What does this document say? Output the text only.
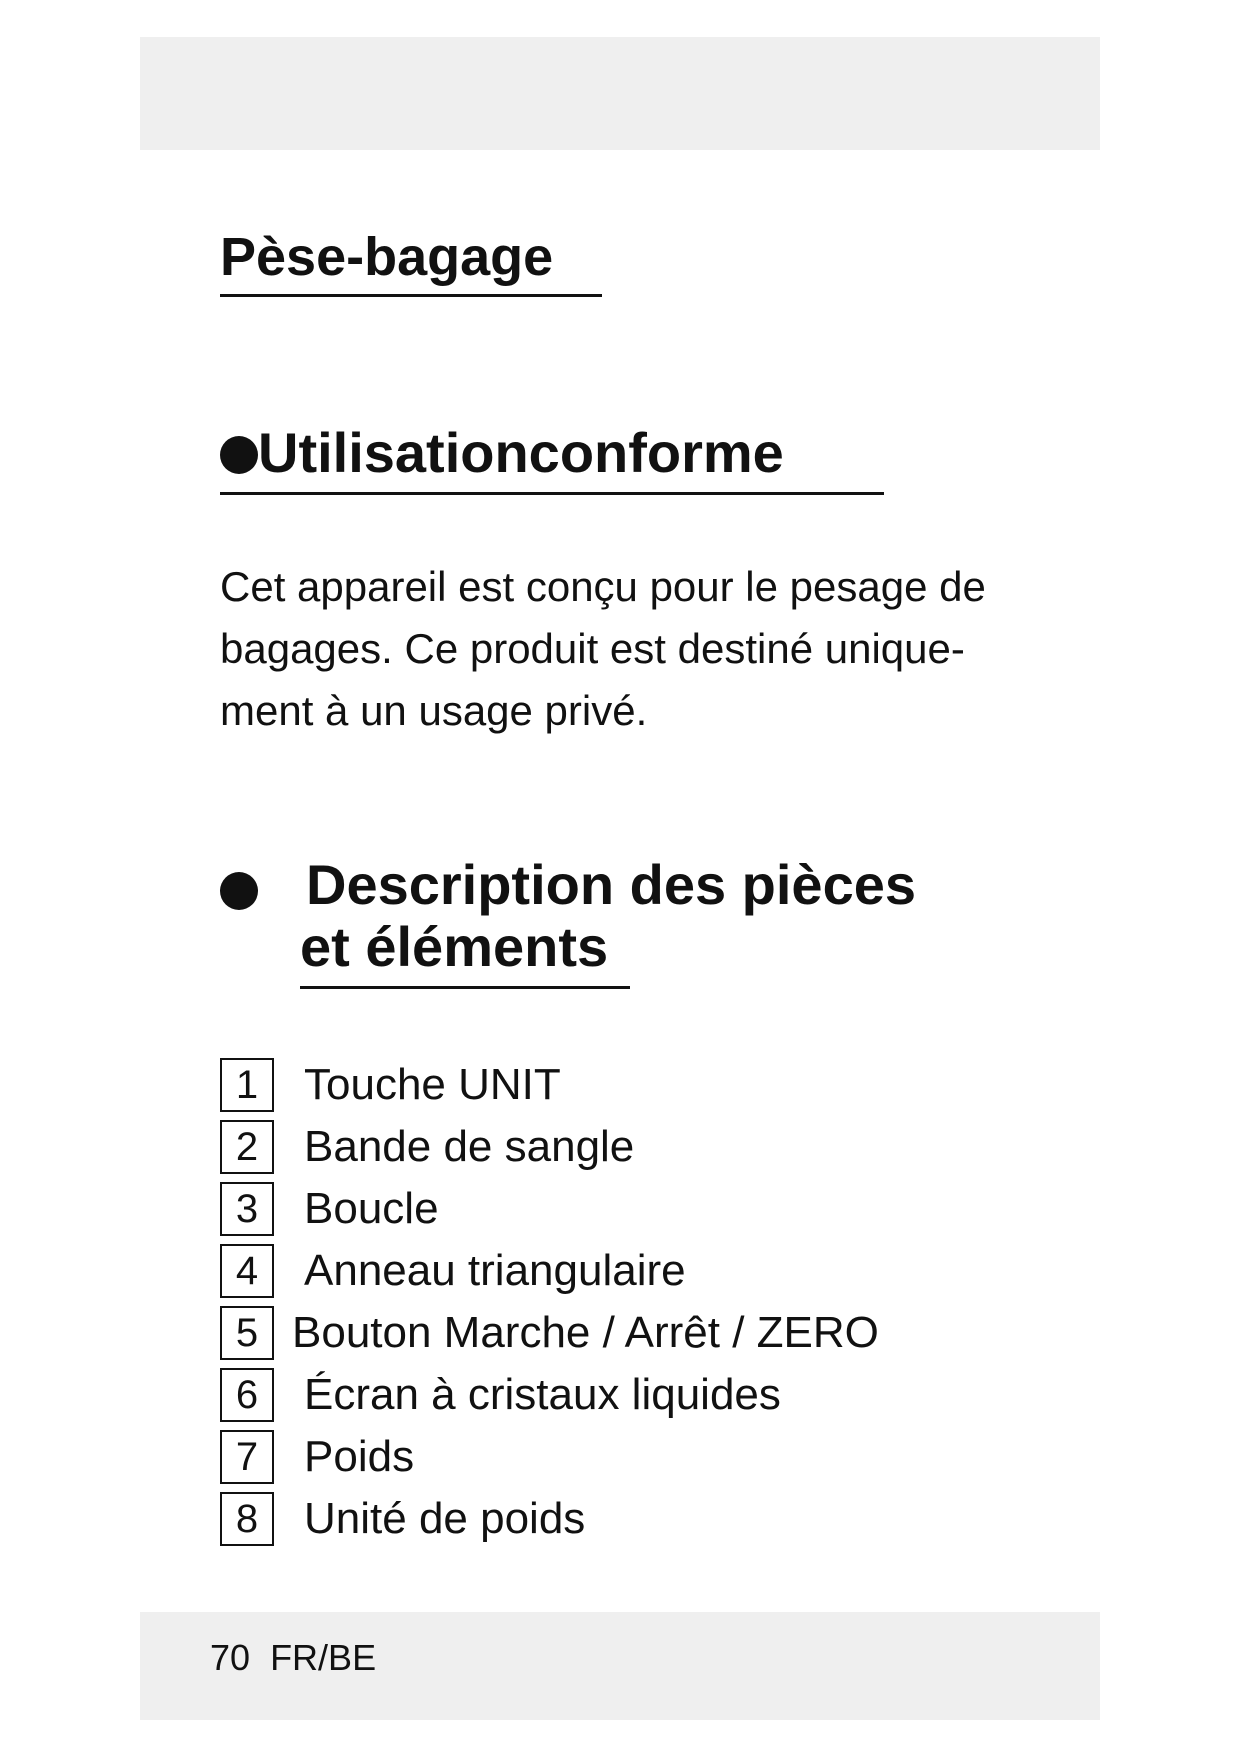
Pèse-bagage
Utilisationconforme

Cet appareil est conçu pour le pesage de bagages. Ce produit est destiné unique-ment à un usage privé.

Description des pièces
et éléments
1	Touche UNIT
2	Bande de sangle
3	Boucle
4	Anneau triangulaire
5 Bouton Marche / Arrêt / ZERO
6	Écran à cristaux liquides
7	Poids
8	Unité de poids
70 FR/BE
